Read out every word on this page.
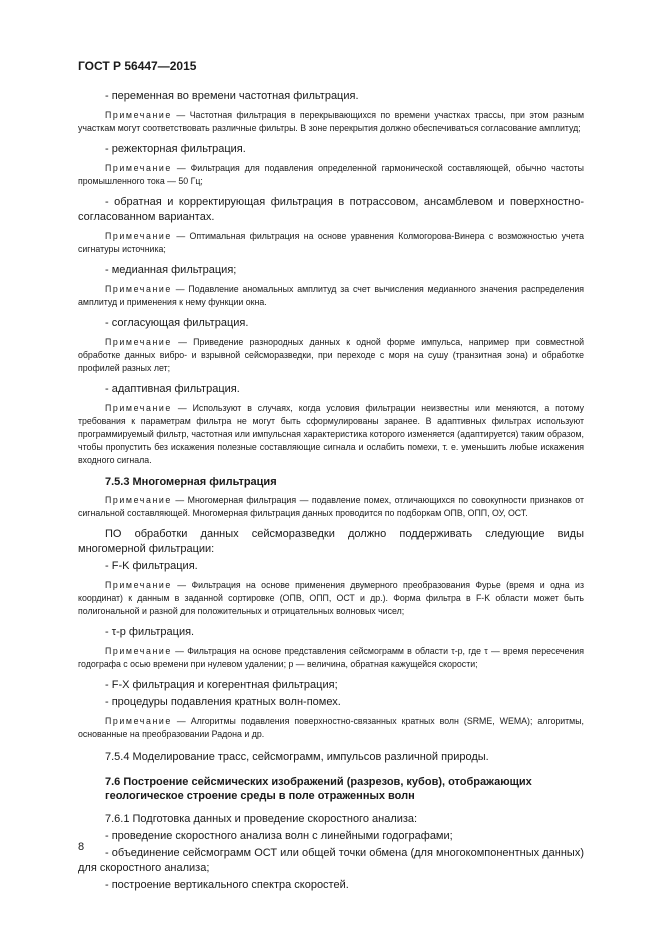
ГОСТ Р 56447—2015

- переменная во времени частотная фильтрация.

Примечание — Частотная фильтрация в перекрывающихся по времени участках трассы, при этом разным участкам могут соответствовать различные фильтры. В зоне перекрытия должно обеспечиваться согласование амплитуд;

- режекторная фильтрация.

Примечание — Фильтрация для подавления определенной гармонической составляющей, обычно частоты промышленного тока — 50 Гц;

- обратная и корректирующая фильтрация в потрассовом, ансамблевом и поверхностно-согласованном вариантах.

Примечание — Оптимальная фильтрация на основе уравнения Колмогорова-Винера с возможностью учета сигнатуры источника;

- медианная фильтрация;

Примечание — Подавление аномальных амплитуд за счет вычисления медианного значения распределения амплитуд и применения к нему функции окна.

- согласующая фильтрация.

Примечание — Приведение разнородных данных к одной форме импульса, например при совместной обработке данных вибро- и взрывной сейсморазведки, при переходе с моря на сушу (транзитная зона) и обработке профилей разных лет;

- адаптивная фильтрация.

Примечание — Используют в случаях, когда условия фильтрации неизвестны или меняются, а потому требования к параметрам фильтра не могут быть сформулированы заранее. В адаптивных фильтрах используют программируемый фильтр, частотная или импульсная характеристика которого изменяется (адаптируется) таким образом, чтобы пропустить без искажения полезные составляющие сигнала и ослабить помехи, т. е. уменьшить любые искажения входного сигнала.

7.5.3 Многомерная фильтрация

Примечание — Многомерная фильтрация — подавление помех, отличающихся по совокупности признаков от сигнальной составляющей. Многомерная фильтрация данных проводится по подборкам ОПВ, ОПП, ОУ, ОСТ.

ПО обработки данных сейсморазведки должно поддерживать следующие виды многомерной фильтрации:

- F-K фильтрация.

Примечание — Фильтрация на основе применения двумерного преобразования Фурье (время и одна из координат) к данным в заданной сортировке (ОПВ, ОПП, ОСТ и др.). Форма фильтра в F-K области может быть полигональной и разной для положительных и отрицательных волновых чисел;

- τ-p фильтрация.

Примечание — Фильтрация на основе представления сейсмограмм в области τ-p, где τ — время пересечения годографа с осью времени при нулевом удалении; p — величина, обратная кажущейся скорости;

- F-X фильтрация и когерентная фильтрация;

- процедуры подавления кратных волн-помех.

Примечание — Алгоритмы подавления поверхностно-связанных кратных волн (SRME, WEMA); алгоритмы, основанные на преобразовании Радона и др.

7.5.4 Моделирование трасс, сейсмограмм, импульсов различной природы.

7.6 Построение сейсмических изображений (разрезов, кубов), отображающих геологическое строение среды в поле отраженных волн

7.6.1 Подготовка данных и проведение скоростного анализа:

- проведение скоростного анализа волн с линейными годографами;

- объединение сейсмограмм ОСТ или общей точки обмена (для многокомпонентных данных) для скоростного анализа;

- построение вертикального спектра скоростей.

8
